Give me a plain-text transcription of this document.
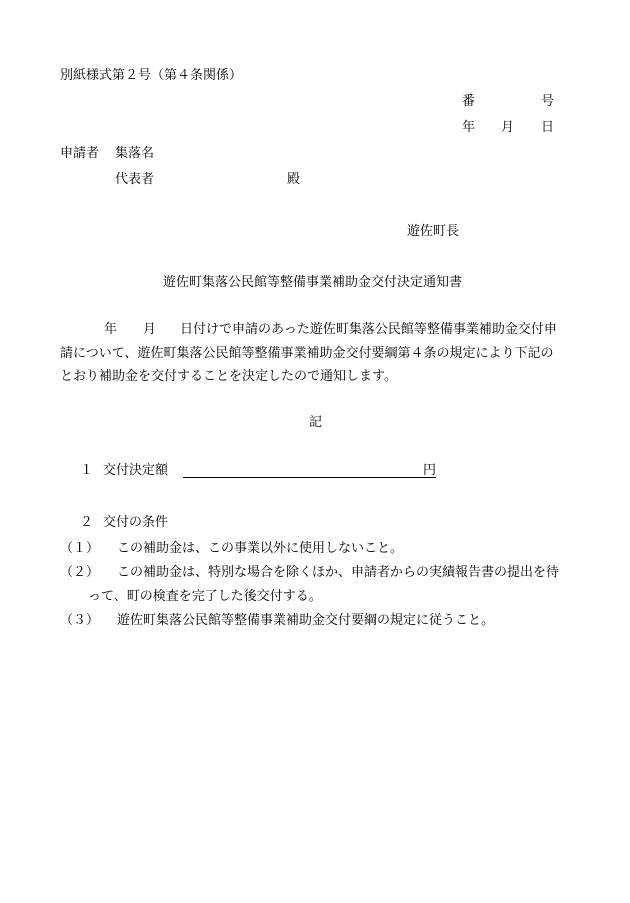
別紙様式第２号（第４条関係）
番	号
年 月 日
申請者 集落名
代表者	殿
遊佐町長
遊佐町集落公民館等整備事業補助金交付決定通知書
年 月 日付けで申請のあった遊佐町集落公民館等整備事業補助金交付申
請について、遊佐町集落公民館等整備事業補助金交付要綱第４条の規定により下記の
とおり補助金を交付することを決定したので通知します。
記
１ 交付決定額	円
２ 交付の条件
（１） この補助金は、この事業以外に使用しないこと。
（２） この補助金は、特別な場合を除くほか、申請者からの実績報告書の提出を待
って、町の検査を完了した後交付する。
（３） 遊佐町集落公民館等整備事業補助金交付要綱の規定に従うこと。
